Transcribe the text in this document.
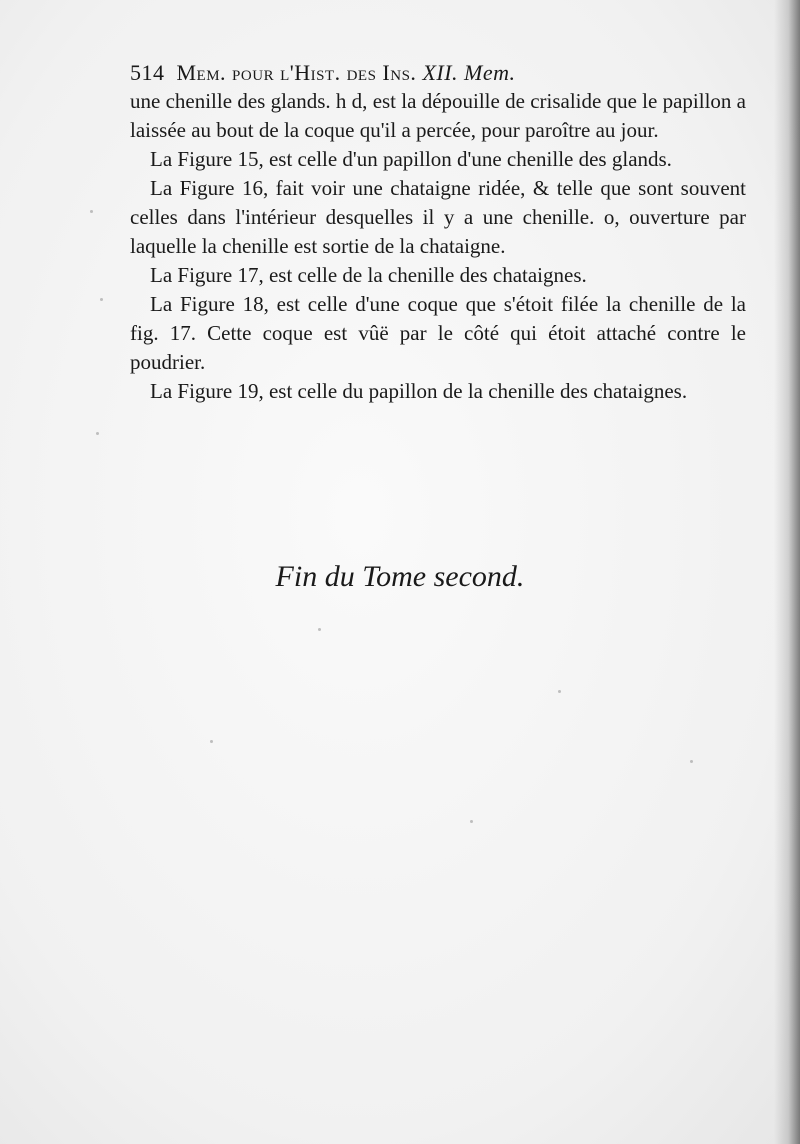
514 Mem. pour l'Hist. des Ins. XII. Mem.

une chenille des glands. h d, est la dépouille de crisalide que le papillon a laissée au bout de la coque qu'il a percée, pour paroître au jour.

La Figure 15, est celle d'un papillon d'une chenille des glands.

La Figure 16, fait voir une chataigne ridée, & telle que sont souvent celles dans l'intérieur desquelles il y a une chenille. o, ouverture par laquelle la chenille est sortie de la chataigne.

La Figure 17, est celle de la chenille des chataignes.

La Figure 18, est celle d'une coque que s'étoit filée la chenille de la fig. 17. Cette coque est vûë par le côté qui étoit attaché contre le poudrier.

La Figure 19, est celle du papillon de la chenille des chataignes.

Fin du Tome second.
